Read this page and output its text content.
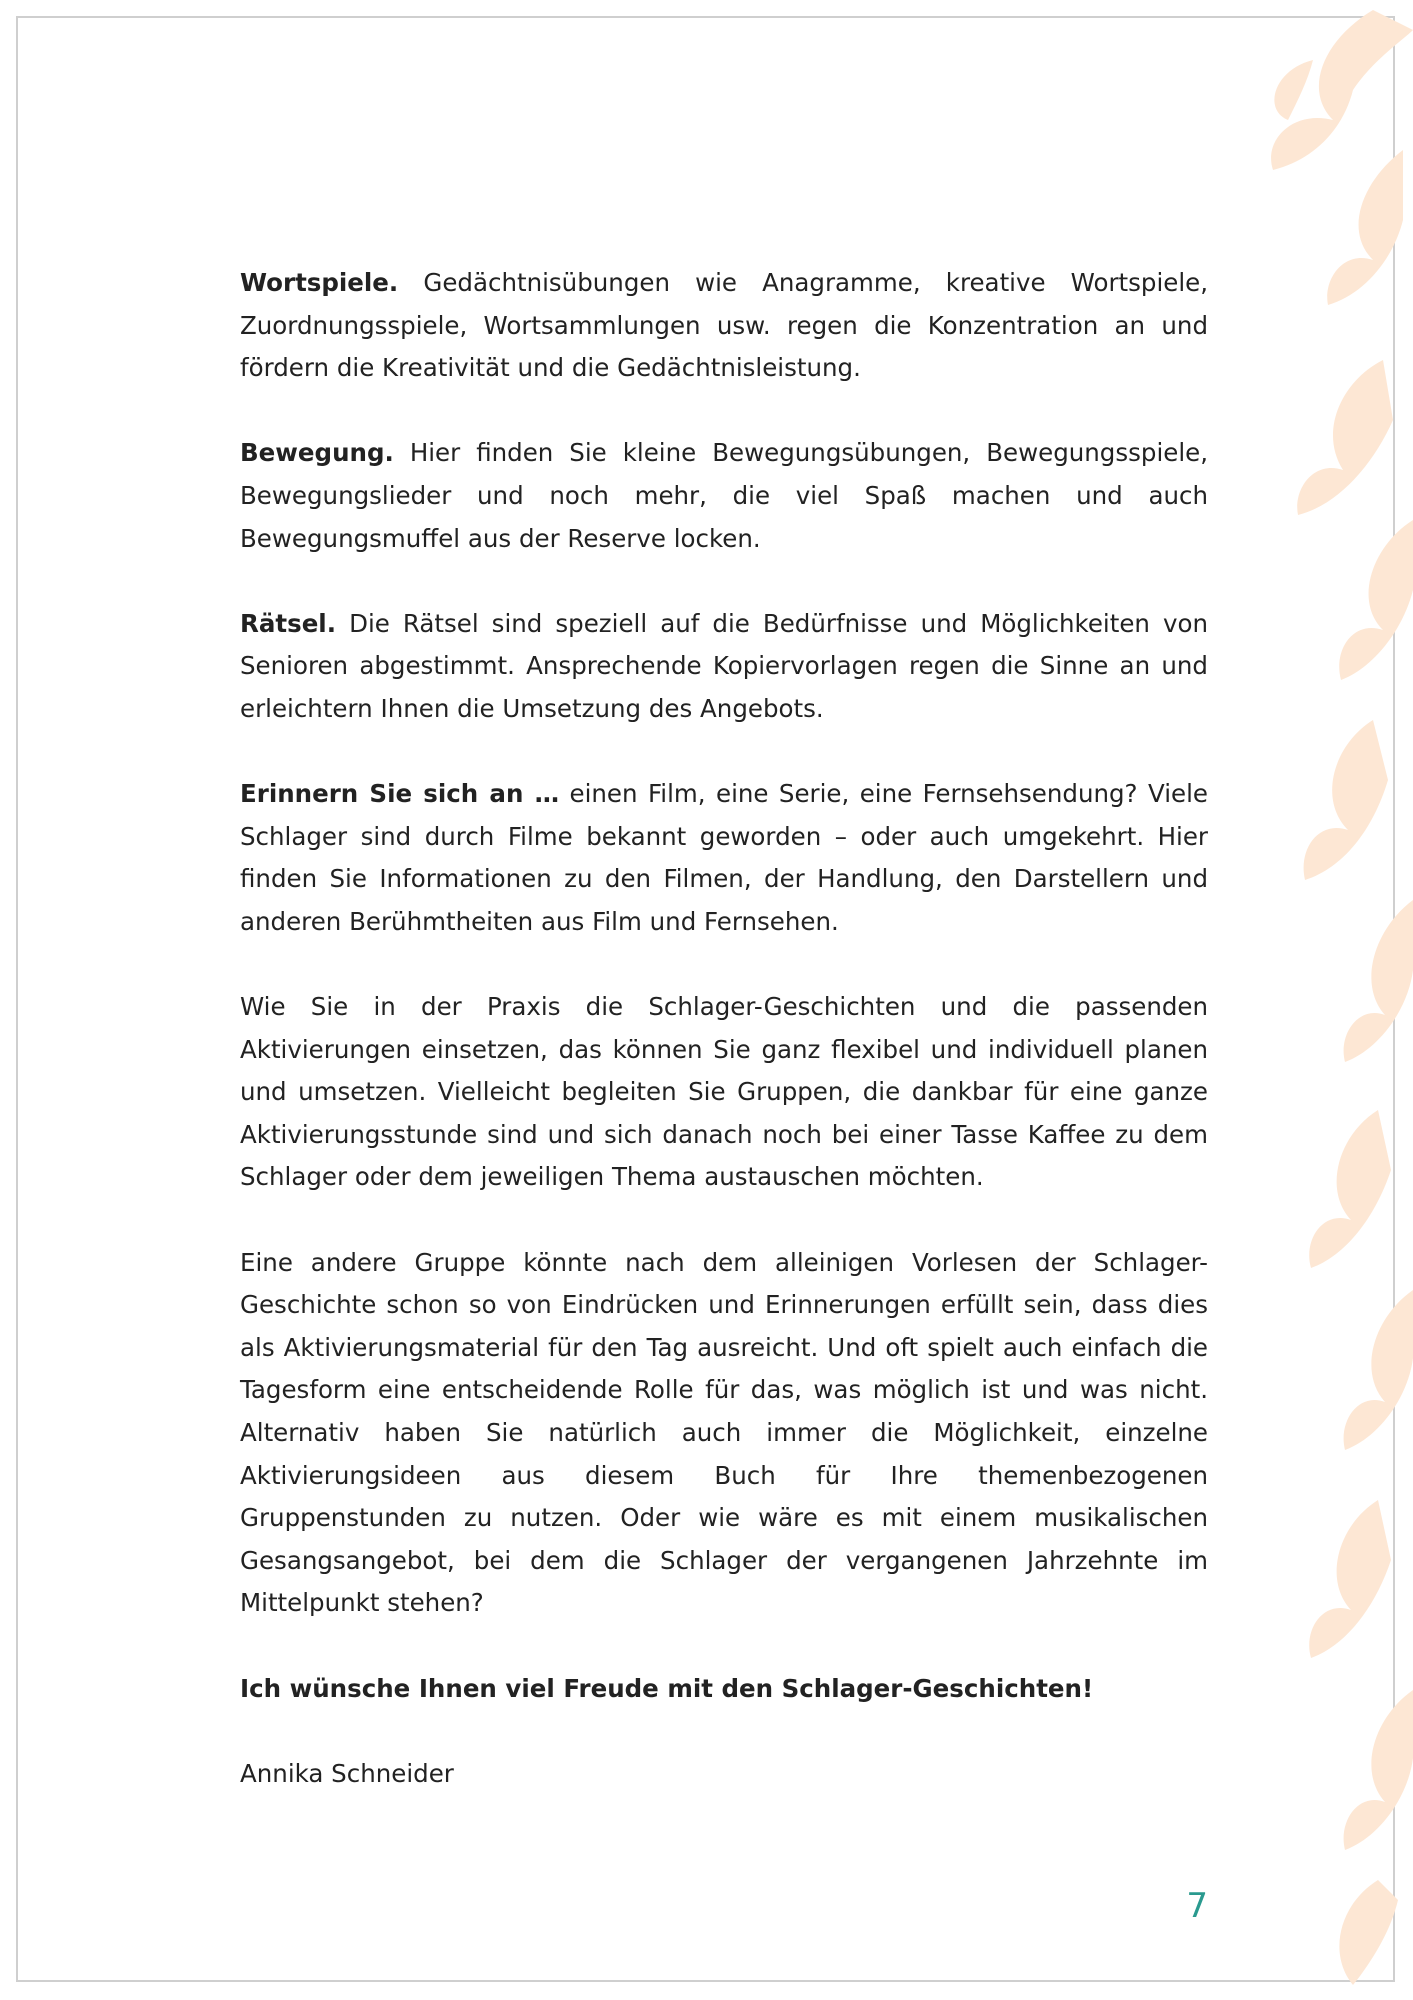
Wortspiele. Gedächtnisübungen wie Anagramme, kreative Wortspiele, Zuordnungsspiele, Wortsammlungen usw. regen die Konzentration an und fördern die Kreativität und die Gedächtnisleistung.

Bewegung. Hier finden Sie kleine Bewegungsübungen, Bewegungsspiele, Bewegungslieder und noch mehr, die viel Spaß machen und auch Bewegungsmuffel aus der Reserve locken.

Rätsel. Die Rätsel sind speziell auf die Bedürfnisse und Möglichkeiten von Senioren abgestimmt. Ansprechende Kopiervorlagen regen die Sinne an und erleichtern Ihnen die Umsetzung des Angebots.

Erinnern Sie sich an … einen Film, eine Serie, eine Fernsehsendung? Viele Schlager sind durch Filme bekannt geworden – oder auch umgekehrt. Hier finden Sie Informationen zu den Filmen, der Handlung, den Darstellern und anderen Berühmtheiten aus Film und Fernsehen.

Wie Sie in der Praxis die Schlager-Geschichten und die passenden Aktivierungen einsetzen, das können Sie ganz flexibel und individuell planen und umsetzen. Vielleicht begleiten Sie Gruppen, die dankbar für eine ganze Aktivierungsstunde sind und sich danach noch bei einer Tasse Kaffee zu dem Schlager oder dem jeweiligen Thema austauschen möchten.

Eine andere Gruppe könnte nach dem alleinigen Vorlesen der Schlager-Geschichte schon so von Eindrücken und Erinnerungen erfüllt sein, dass dies als Aktivierungsmaterial für den Tag ausreicht. Und oft spielt auch einfach die Tagesform eine entscheidende Rolle für das, was möglich ist und was nicht. Alternativ haben Sie natürlich auch immer die Möglichkeit, einzelne Aktivierungsideen aus diesem Buch für Ihre themenbezogenen Gruppenstunden zu nutzen. Oder wie wäre es mit einem musikalischen Gesangsangebot, bei dem die Schlager der vergangenen Jahrzehnte im Mittelpunkt stehen?

Ich wünsche Ihnen viel Freude mit den Schlager-Geschichten!

Annika Schneider

7
